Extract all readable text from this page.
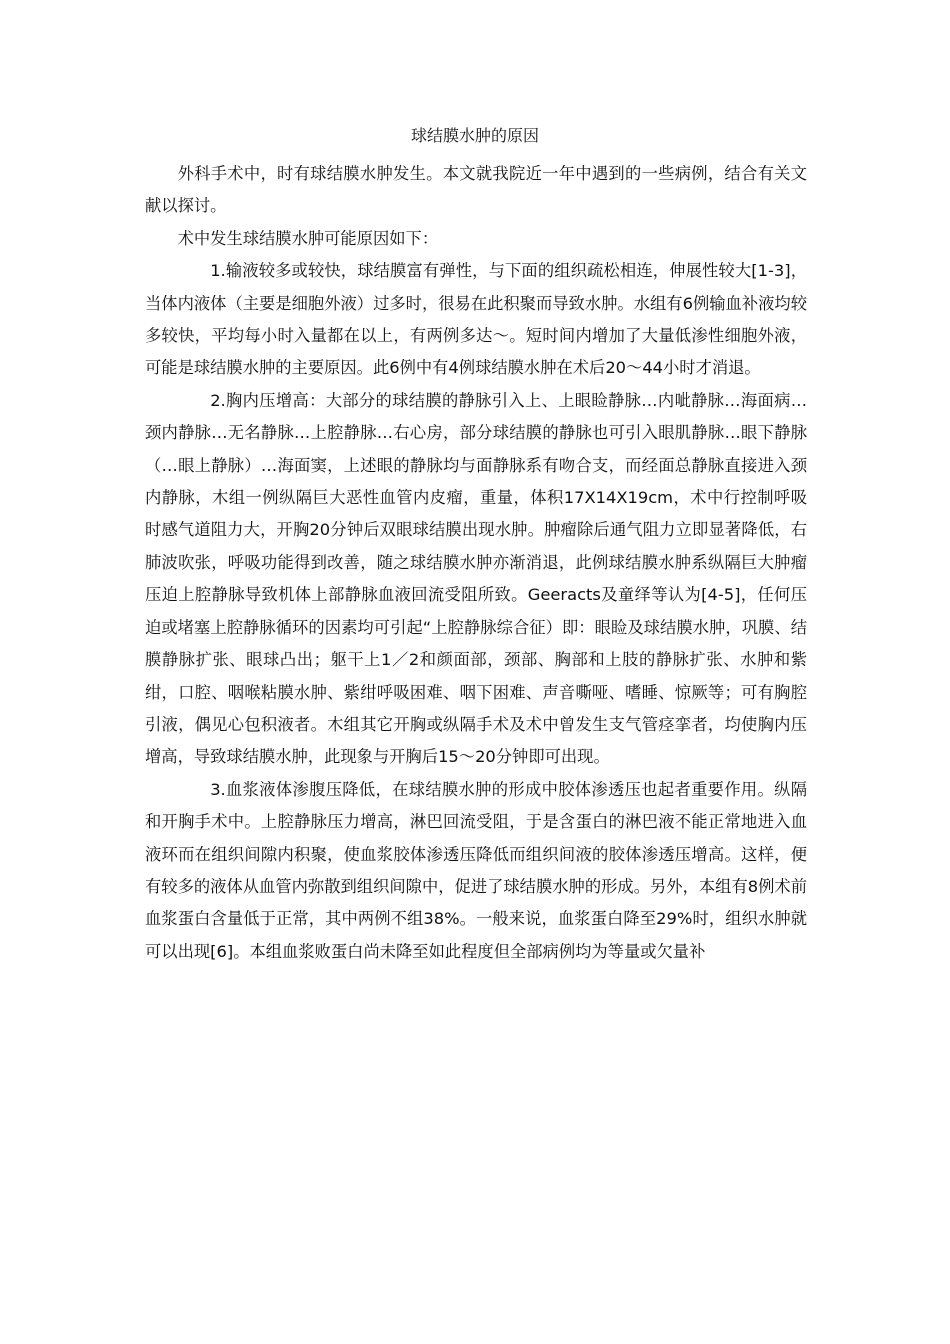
球结膜水肿的原因

外科手术中，时有球结膜水肿发生。本文就我院近一年中遇到的一些病例，结合有关文献以探讨。

术中发生球结膜水肿可能原因如下：

1.输液较多或较快，球结膜富有弹性，与下面的组织疏松相连，伸展性较大[1-3]，当体内液体（主要是细胞外液）过多时，很易在此积聚而导致水肿。水组有6例输血补液均较多较快，平均每小时入量都在以上，有两例多达～。短时间内增加了大量低渗性细胞外液，可能是球结膜水肿的主要原因。此6例中有4例球结膜水肿在术后20～44小时才消退。

2.胸内压增高：大部分的球结膜的静脉引入上、上眼睑静脉…内呲静脉…海面病…颈内静脉…无名静脉…上腔静脉…右心房，部分球结膜的静脉也可引入眼肌静脉…眼下静脉（…眼上静脉）…海面窦，上述眼的静脉均与面静脉系有吻合支，而经面总静脉直接进入颈内静脉，木组一例纵隔巨大恶性血管内皮瘤，重量，体积17X14X19cm，术中行控制呼吸时感气道阻力大，开胸20分钟后双眼球结膜出现水肿。肿瘤除后通气阻力立即显著降低，右肺波吹张，呼吸功能得到改善，随之球结膜水肿亦渐消退，此例球结膜水肿系纵隔巨大肿瘤压迫上腔静脉导致机体上部静脉血液回流受阻所致。Geeracts及童绎等认为[4-5]，任何压迫或堵塞上腔静脉循环的因素均可引起“上腔静脉综合征）即：眼睑及球结膜水肿，巩膜、结膜静脉扩张、眼球凸出；躯干上1／2和颜面部，颈部、胸部和上肢的静脉扩张、水肿和紫绀，口腔、咽喉粘膜水肿、紫绀呼吸困难、咽下困难、声音嘶哑、嗜睡、惊厥等；可有胸腔引液，偶见心包积液者。木组其它开胸或纵隔手术及术中曾发生支气管痉挛者，均使胸内压增高，导致球结膜水肿，此现象与开胸后15～20分钟即可出现。

3.血浆液体渗腹压降低，在球结膜水肿的形成中胶体渗透压也起者重要作用。纵隔和开胸手术中。上腔静脉压力增高，淋巴回流受阻，于是含蛋白的淋巴液不能正常地进入血液环而在组织间隙内积聚，使血浆胶体渗透压降低而组织间液的胶体渗透压增高。这样，便有较多的液体从血管内弥散到组织间隙中，促进了球结膜水肿的形成。另外，本组有8例术前血浆蛋白含量低于正常，其中两例不组38%。一般来说，血浆蛋白降至29%时，组织水肿就可以出现[6]。本组血浆败蛋白尚未降至如此程度但全部病例均为等量或欠量补
